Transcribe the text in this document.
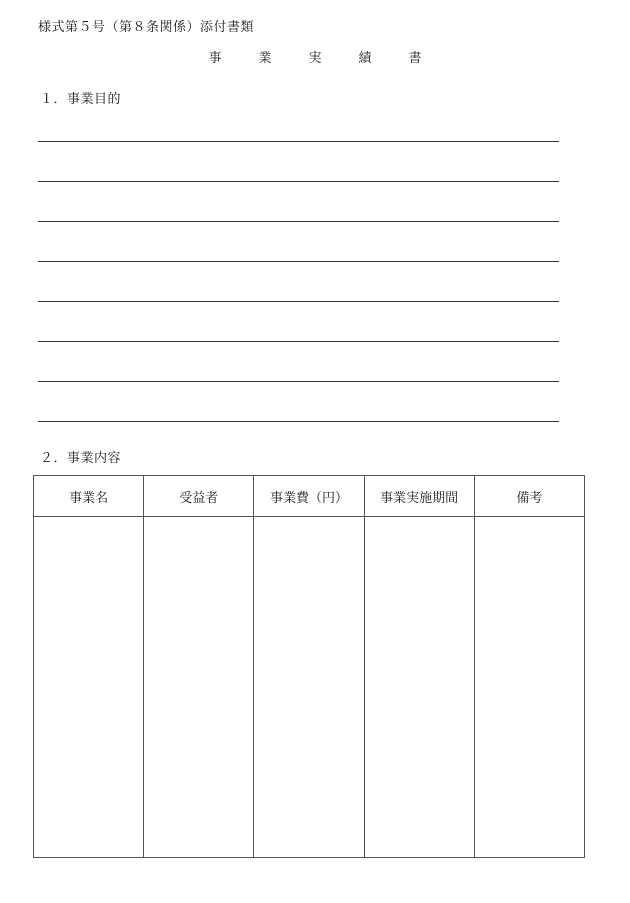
様式第５号（第８条関係）添付書類
事　業　実　績　書
１．事業目的
２．事業内容
事業名	受益者	事業費（円）	事業実施期間	備考
